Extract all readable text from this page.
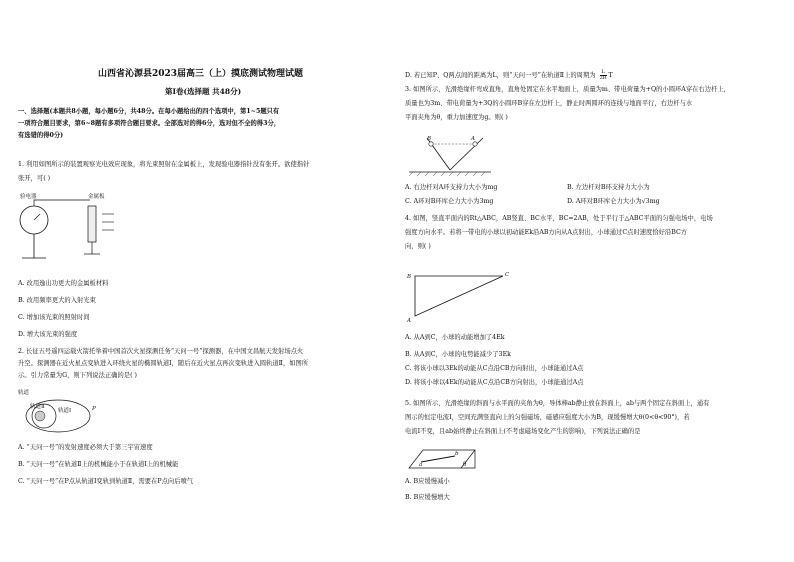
山西省沁源县2023届高三（上）摸底测试物理试题
第Ⅰ卷(选择题 共48分)
一、选择题(本题共8小题，每小题6分，共48分。在每小题给出的四个选项中，第1~5题只有
一项符合题目要求，第6~8题有多项符合题目要求。全部选对的得6分，选对但不全的得3分，
有选错的得0分)
1. 利用如图所示的装置观察光电效应现象，将光束照射在金属板上，发现验电器指针没有张开。欲使指针
张开，可( )
验电器	金属板
A. 改用逸出功更大的金属板材料
B. 改用频率更大的入射光束
C. 增加该光束的照射时间
D. 增大该光束的强度
2. 长征五号遥四运载火箭托举着中国首次火星探测任务“天问一号”探测器，在中国文昌航天发射场点火
升空。探测器在近火星点变轨进入环绕火星的椭圆轨道Ⅰ，随后在近火星点再次变轨进入圆轨道Ⅱ，如图所
示。引力常量为G，则下列说法正确的是( )
轨道
轨道Ⅱ
轨道Ⅰ	P
A. “天问一号”的发射速度必须大于第三宇宙速度
B. “天问一号”在轨道Ⅱ上的机械能小于在轨道Ⅰ上的机械能
C. “天问一号”在P点从轨道Ⅰ变轨到轨道Ⅱ，需要在P点向后喷气
D. 若已知P、Q两点间的距离为L，则“天问一号”在轨道Ⅱ上的周期为 $\frac{L}{2R}$ T
3. 如图所示，光滑绝缘杆弯成直角，直角处固定在水平地面上，质量为m、带电荷量为+Q的小圆环A穿在右边杆上，
质量也为3m、带电荷量为+3Q的小圆环B穿在左边杆上，静止时两圆环的连线与地面平行，右边杆与水
平面夹角为θ，重力加速度为g。则( )
B	A
A. 右边杆对A环支持力大小为mg	B. 左边杆对B环支持力大小为
C. A环对B环库仑力大小为3mg	D. A环对B环库仑力大小为√3mg
4. 如图，竖直平面内的Rt△ABC，AB竖直、BC水平，BC=2AB，处于平行于△ABC平面的匀强电场中，电场
强度方向水平。若将一带电的小球以初动能Ek沿AB方向从A点射出，小球通过C点时速度恰好沿BC方
向，则( )
B	C
A
A. 从A到C，小球的动能增加了4Ek
B. 从A到C，小球的电势能减少了3Ek
C. 将该小球以3Ek的动能从C点沿CB方向射出，小球能通过A点
D. 将该小球以4Ek的动能从C点沿CB方向射出，小球能通过A点
5. 如图所示，光滑绝缘的斜面与水平面的夹角为θ，导体棒ab静止放在斜面上，ab与两个固定在斜面上，通有
图示的恒定电流I，空间充满竖直向上的匀强磁场，磁感应强度大小为B，现缓慢增大θ(0<θ<90°)，若
电流I不变，且ab始终静止在斜面上(不考虑磁场变化产生的影响)，下列说法正确的是
a
b
θ
A. B应缓慢减小
B. B应缓慢增大
